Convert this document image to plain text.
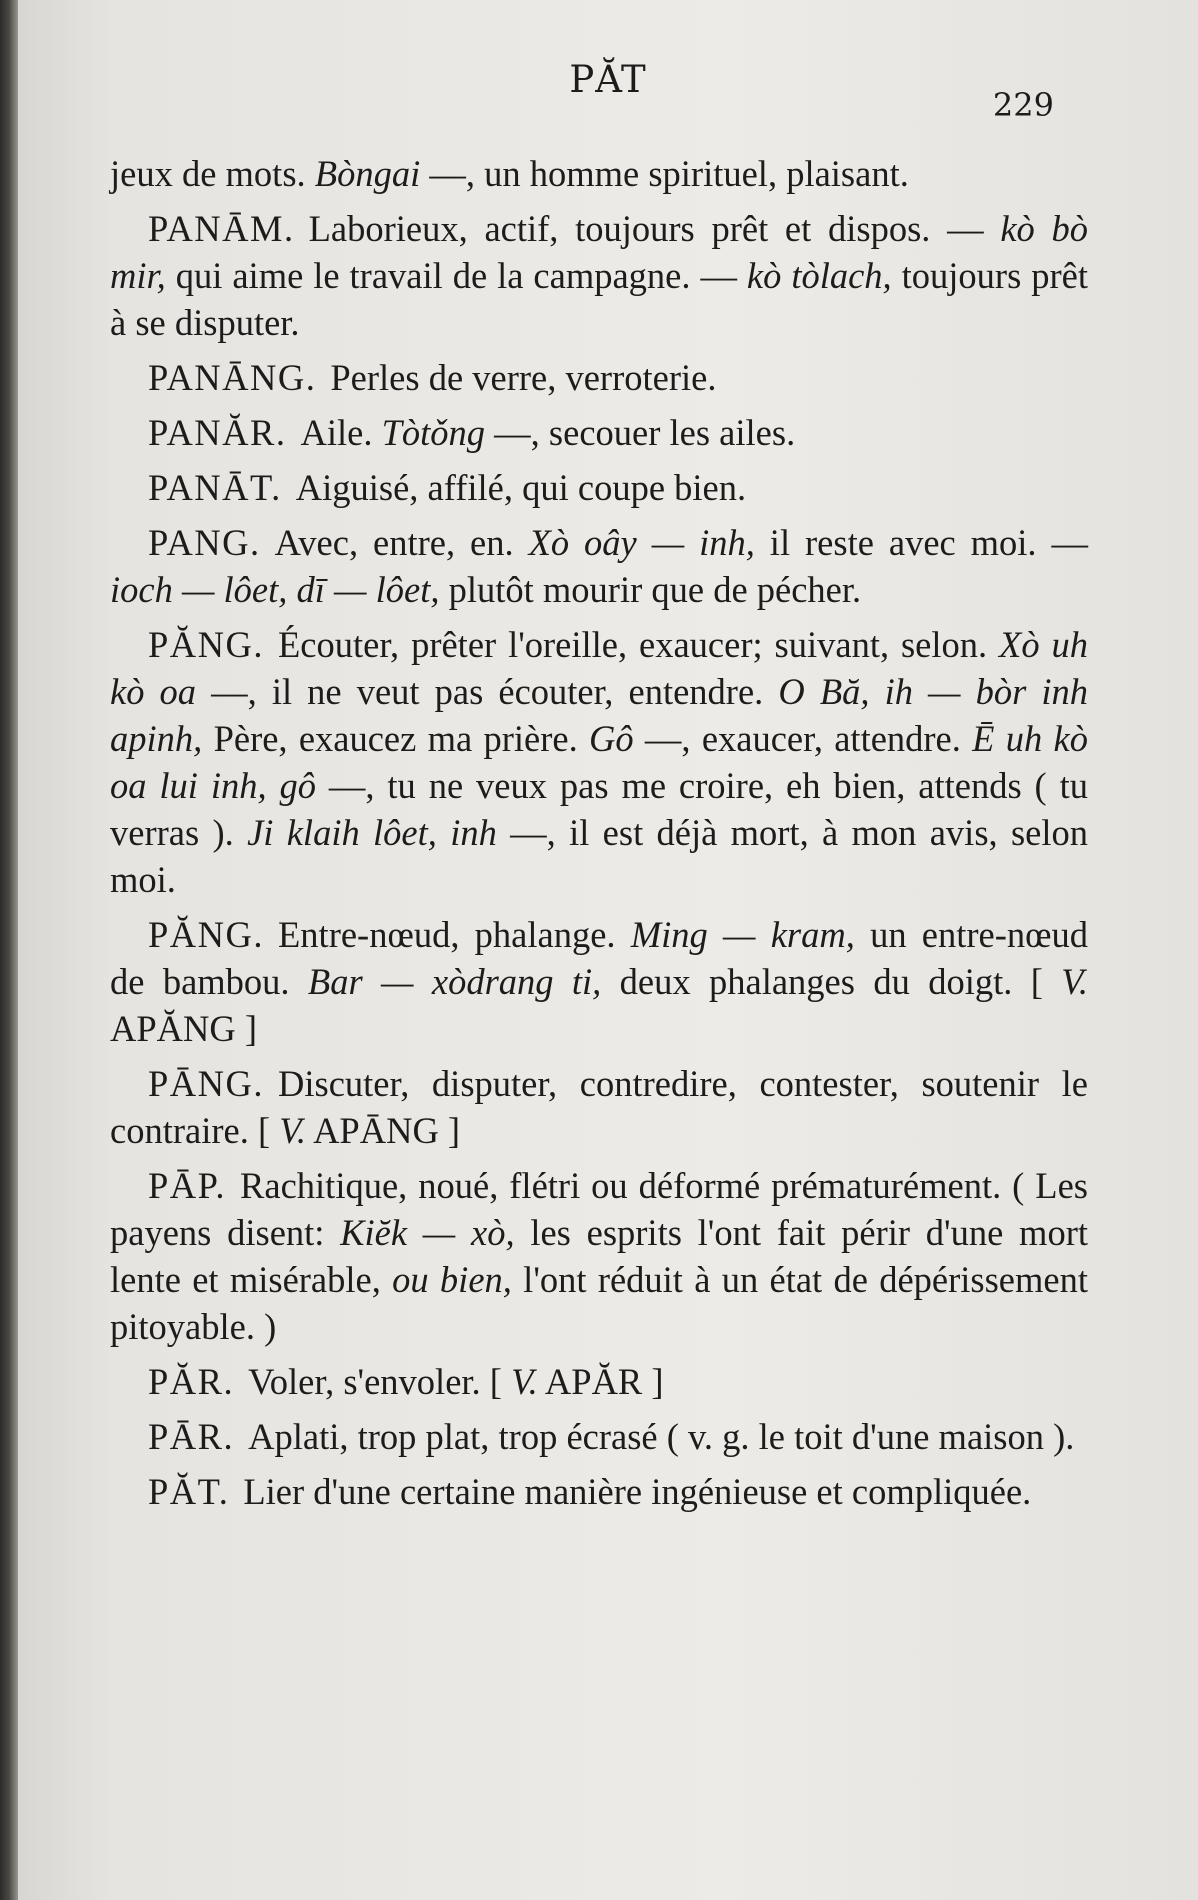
PĂT
229

jeux de mots. Bòngai —, un homme spirituel, plaisant.

PANĀM. Laborieux, actif, toujours prêt et dispos. — kò bò mir, qui aime le travail de la campagne. — kò tòlach, toujours prêt à se disputer.

PANĀNG. Perles de verre, verroterie.

PANĂR. Aile. Tòtǒng —, secouer les ailes.

PANĀT. Aiguisé, affilé, qui coupe bien.

PANG. Avec, entre, en. Xò oây — inh, il reste avec moi. — ioch — lôet, dī — lôet, plutôt mourir que de pécher.

PĂNG. Écouter, prêter l'oreille, exaucer; suivant, selon. Xò uh kò oa —, il ne veut pas écouter, entendre. O Bă, ih — bòr inh apinh, Père, exaucez ma prière. Gô —, exaucer, attendre. Ē uh kò oa lui inh, gô —, tu ne veux pas me croire, eh bien, attends ( tu verras ). Ji klaih lôet, inh —, il est déjà mort, à mon avis, selon moi.

PĂNG. Entre-nœud, phalange. Ming — kram, un entre-nœud de bambou. Bar — xòdrang ti, deux phalanges du doigt. [ V. APĂNG ]

PĀNG. Discuter, disputer, contredire, contester, soutenir le contraire. [ V. APĀNG ]

PĀP. Rachitique, noué, flétri ou déformé prématurément. ( Les payens disent: Kiĕk — xò, les esprits l'ont fait périr d'une mort lente et misérable, ou bien, l'ont réduit à un état de dépérissement pitoyable. )

PĂR. Voler, s'envoler. [ V. APĂR ]

PĀR. Aplati, trop plat, trop écrasé ( v. g. le toit d'une maison ).

PĂT. Lier d'une certaine manière ingénieuse et compliquée.
